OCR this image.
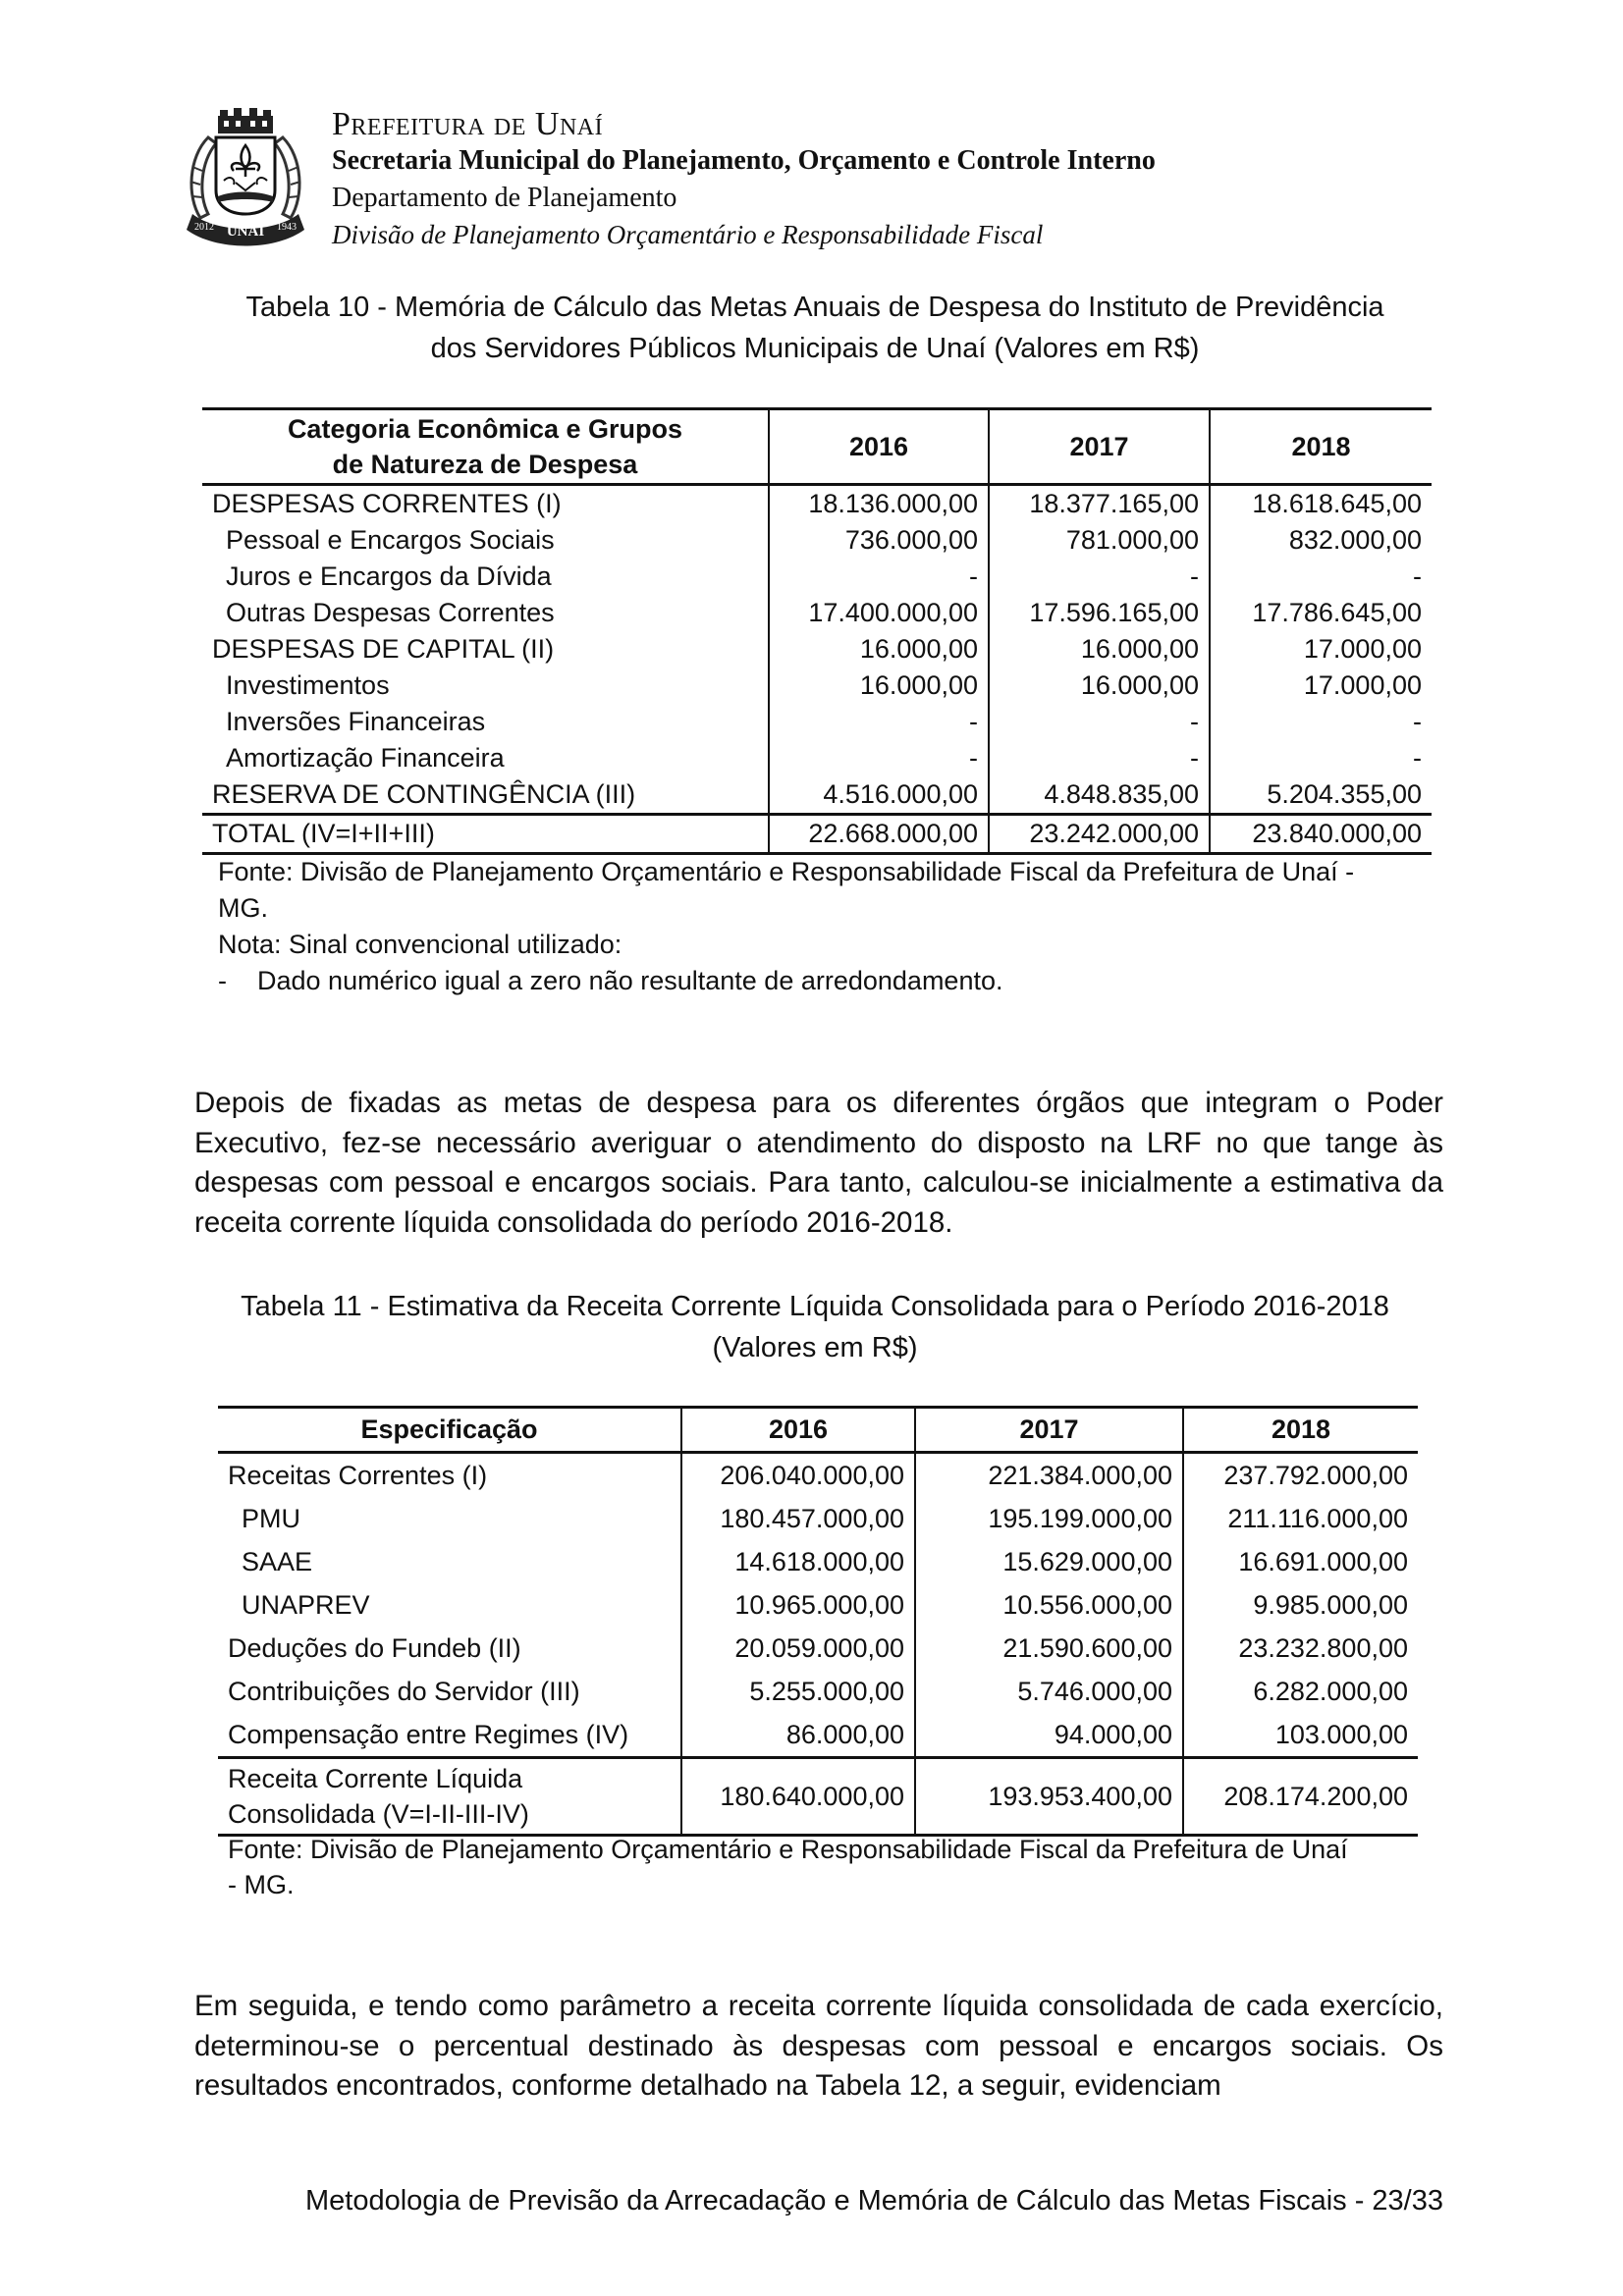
UNAÍ
2012	1943
Prefeitura de Unaí
Secretaria Municipal do Planejamento, Orçamento e Controle Interno
Departamento de Planejamento
Divisão de Planejamento Orçamentário e Responsabilidade Fiscal
Tabela 10 - Memória de Cálculo das Metas Anuais de Despesa do Instituto de Previdência
dos Servidores Públicos Municipais de Unaí (Valores em R$)
Categoria Econômica e Grupos
de Natureza de Despesa	2016	2017	2018
DESPESAS CORRENTES (I)	18.136.000,00	18.377.165,00	18.618.645,00
Pessoal e Encargos Sociais	736.000,00	781.000,00	832.000,00
Juros e Encargos da Dívida	-	-	-
Outras Despesas Correntes	17.400.000,00	17.596.165,00	17.786.645,00
DESPESAS DE CAPITAL (II)	16.000,00	16.000,00	17.000,00
Investimentos	16.000,00	16.000,00	17.000,00
Inversões Financeiras	-	-	-
Amortização Financeira	-	-	-
RESERVA DE CONTINGÊNCIA (III)	4.516.000,00	4.848.835,00	5.204.355,00
TOTAL (IV=I+II+III)	22.668.000,00	23.242.000,00	23.840.000,00
Fonte: Divisão de Planejamento Orçamentário e Responsabilidade Fiscal da Prefeitura de Unaí -
MG.
Nota: Sinal convencional utilizado:
-	Dado numérico igual a zero não resultante de arredondamento.
Depois de fixadas as metas de despesa para os diferentes órgãos que integram o Poder Executivo, fez-se necessário averiguar o atendimento do disposto na LRF no que tange às despesas com pessoal e encargos sociais. Para tanto, calculou-se inicialmente a estimativa da receita corrente líquida consolidada do período 2016-2018.
Tabela 11 - Estimativa da Receita Corrente Líquida Consolidada para o Período 2016-2018
(Valores em R$)
Especificação	2016	2017	2018
Receitas Correntes (I)	206.040.000,00	221.384.000,00	237.792.000,00
PMU	180.457.000,00	195.199.000,00	211.116.000,00
SAAE	14.618.000,00	15.629.000,00	16.691.000,00
UNAPREV	10.965.000,00	10.556.000,00	9.985.000,00
Deduções do Fundeb (II)	20.059.000,00	21.590.600,00	23.232.800,00
Contribuições do Servidor (III)	5.255.000,00	5.746.000,00	6.282.000,00
Compensação entre Regimes (IV)	86.000,00	94.000,00	103.000,00

Receita Corrente Líquida
Consolidada (V=I-II-III-IV)	180.640.000,00	193.953.400,00	208.174.200,00
Fonte: Divisão de Planejamento Orçamentário e Responsabilidade Fiscal da Prefeitura de Unaí
- MG.
Em seguida, e tendo como parâmetro a receita corrente líquida consolidada de cada exercício, determinou-se o percentual destinado às despesas com pessoal e encargos sociais. Os resultados encontrados, conforme detalhado na Tabela 12, a seguir, evidenciam
Metodologia de Previsão da Arrecadação e Memória de Cálculo das Metas Fiscais - 23/33
